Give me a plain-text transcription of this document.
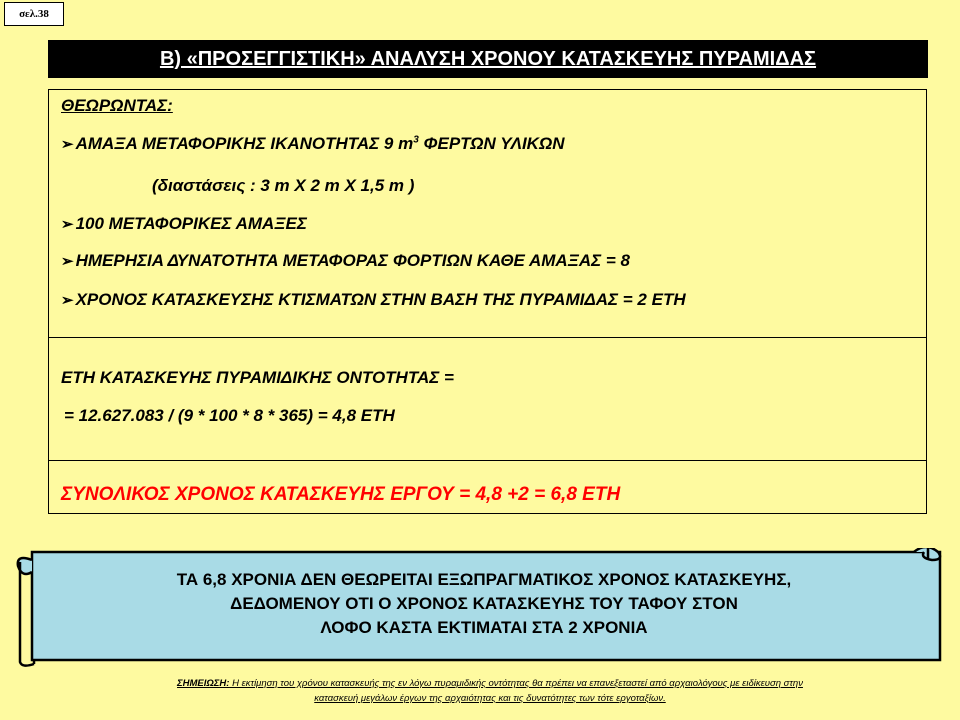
σελ.38
Β) «ΠΡΟΣΕΓΓΙΣΤΙΚΗ» ΑΝΑΛΥΣΗ ΧΡΟΝΟΥ ΚΑΤΑΣΚΕΥΗΣ ΠΥΡΑΜΙΔΑΣ
ΘΕΩΡΩΝΤΑΣ:
➢ ΑΜΑΞΑ ΜΕΤΑΦΟΡΙΚΗΣ ΙΚΑΝΟΤΗΤΑΣ 9 $m^3$ ΦΕΡΤΩΝ ΥΛΙΚΩΝ
(διαστάσεις : 3 m X 2 m X 1,5 m )
➢ 100 ΜΕΤΑΦΟΡΙΚΕΣ ΑΜΑΞΕΣ
➢ ΗΜΕΡΗΣΙΑ ΔΥΝΑΤΟΤΗΤΑ ΜΕΤΑΦΟΡΑΣ ΦΟΡΤΙΩΝ ΚΑΘΕ ΑΜΑΞΑΣ = 8
➢ ΧΡΟΝΟΣ ΚΑΤΑΣΚΕΥΣΗΣ ΚΤΙΣΜΑΤΩΝ ΣΤΗΝ ΒΑΣΗ ΤΗΣ ΠΥΡΑΜΙΔΑΣ = 2 ΕΤΗ
ΕΤΗ ΚΑΤΑΣΚΕΥΗΣ ΠΥΡΑΜΙΔΙΚΗΣ ΟΝΤΟΤΗΤΑΣ =
= 12.627.083 / (9 * 100 * 8 * 365) = 4,8 ΕΤΗ
ΣΥΝΟΛΙΚΟΣ ΧΡΟΝΟΣ ΚΑΤΑΣΚΕΥΗΣ ΕΡΓΟΥ = 4,8 +2 = 6,8 ΕΤΗ
ΤΑ 6,8 ΧΡΟΝΙΑ ΔΕΝ ΘΕΩΡΕΙΤΑΙ ΕΞΩΠΡΑΓΜΑΤΙΚΟΣ ΧΡΟΝΟΣ ΚΑΤΑΣΚΕΥΗΣ,
ΔΕΔΟΜΕΝΟΥ ΟΤΙ Ο ΧΡΟΝΟΣ ΚΑΤΑΣΚΕΥΗΣ ΤΟΥ ΤΑΦΟΥ ΣΤΟΝ
ΛΟΦΟ ΚΑΣΤΑ ΕΚΤΙΜΑΤΑΙ ΣΤΑ 2 ΧΡΟΝΙΑ
ΣΗΜΕΙΩΣΗ: Η εκτίμηση του χρόνου κατασκευής της εν λόγω πυραμιδικής οντότητας θα πρέπει να επανεξεταστεί από αρχαιολόγους με ειδίκευση στην
κατασκευή μεγάλων έργων της αρχαιότητας και τις δυνατότητες των τότε εργοταξίων.
